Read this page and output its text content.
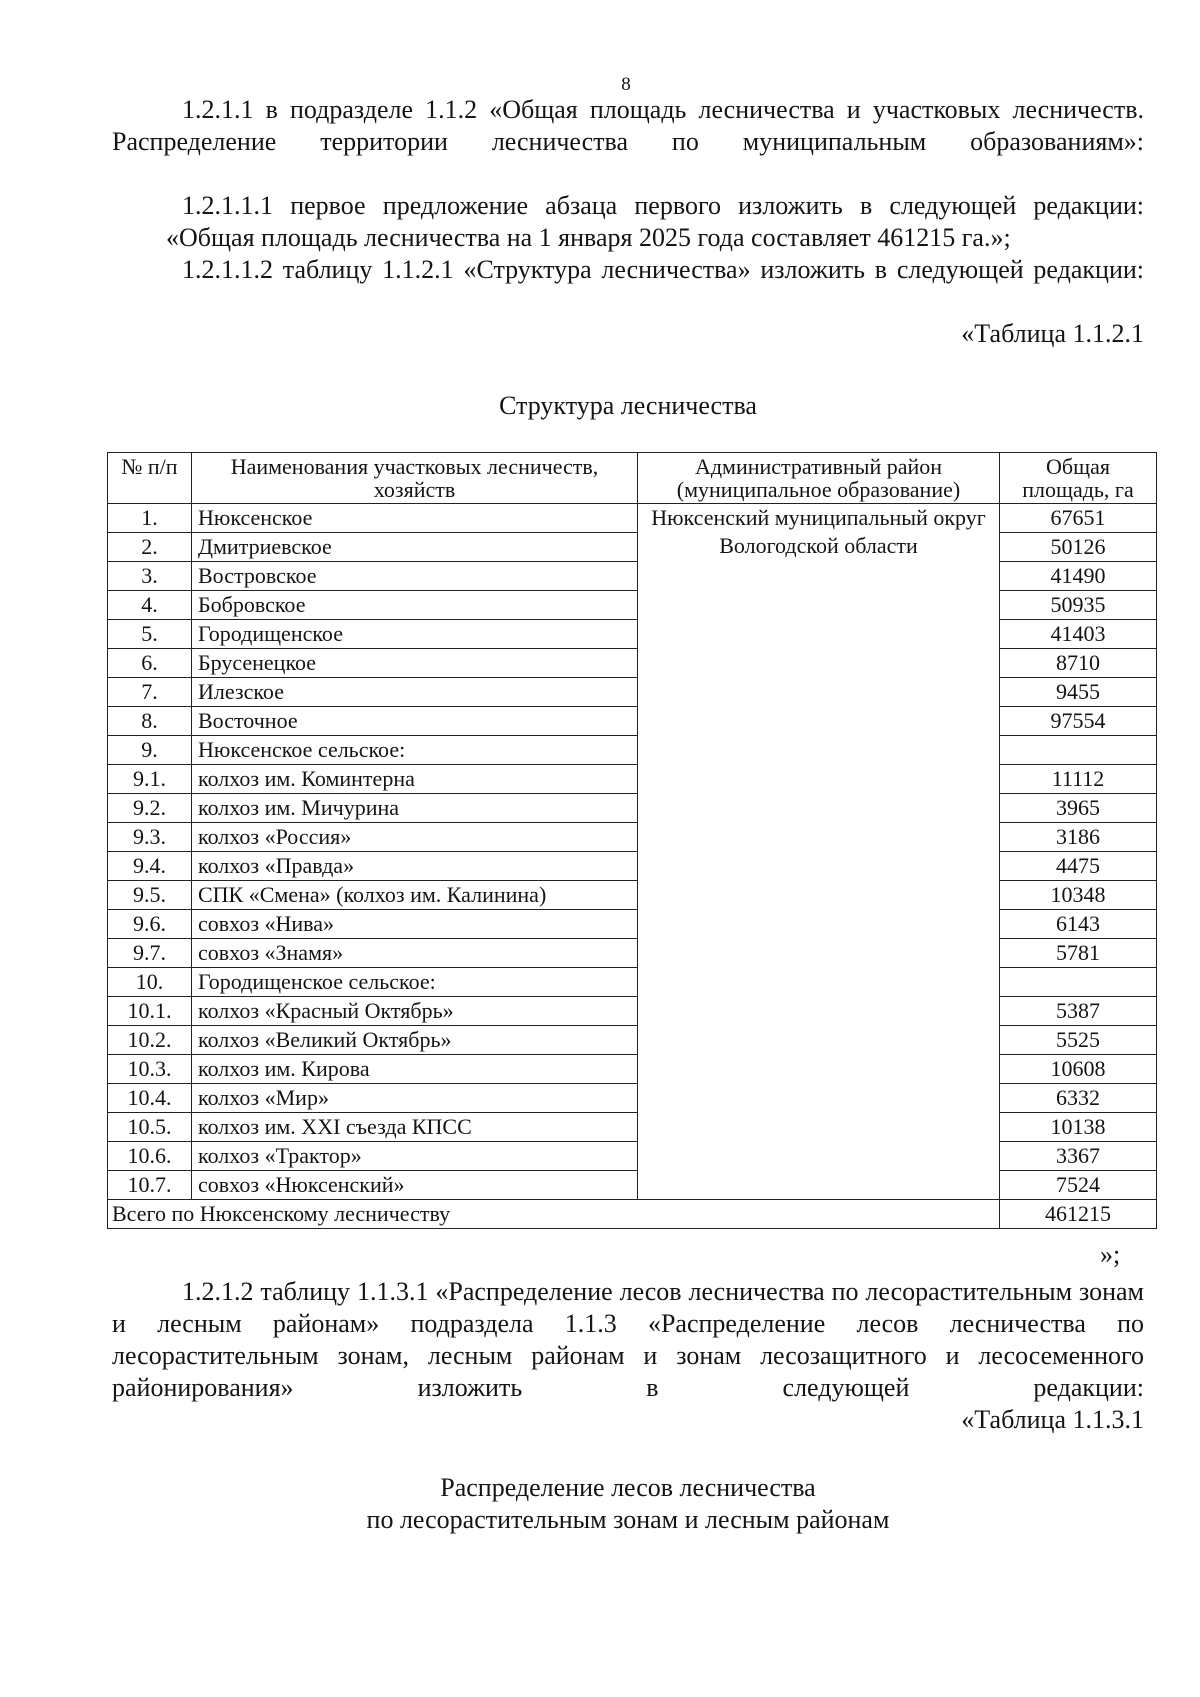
8
1.2.1.1 в подразделе 1.1.2 «Общая площадь лесничества и участковых лесничеств. Распределение территории лесничества по муниципальным образованиям»:
1.2.1.1.1 первое предложение абзаца первого изложить в следующей редакции:
«Общая площадь лесничества на 1 января 2025 года составляет 461215 га.»;
1.2.1.1.2 таблицу 1.1.2.1 «Структура лесничества» изложить в следующей редакции:
«Таблица 1.1.2.1
Структура лесничества
№ п/п	Наименования участковых лесничеств, хозяйств	Административный район (муниципальное образование)	Общая площадь, га
1.	Нюксенское	Нюксенский муниципальный округ Вологодской области	67651
2.	Дмитриевское		50126
3.	Востровское		41490
4.	Бобровское		50935
5.	Городищенское		41403
6.	Брусенецкое		8710
7.	Илезское		9455
8.	Восточное		97554
9.	Нюксенское сельское:		
9.1.	колхоз им. Коминтерна		11112
9.2.	колхоз им. Мичурина		3965
9.3.	колхоз «Россия»		3186
9.4.	колхоз «Правда»		4475
9.5.	СПК «Смена» (колхоз им. Калинина)		10348
9.6.	совхоз «Нива»		6143
9.7.	совхоз «Знамя»		5781
10.	Городищенское сельское:		
10.1.	колхоз «Красный Октябрь»		5387
10.2.	колхоз «Великий Октябрь»		5525
10.3.	колхоз им. Кирова		10608
10.4.	колхоз «Мир»		6332
10.5.	колхоз им. XXI съезда КПСС		10138
10.6.	колхоз «Трактор»		3367
10.7.	совхоз «Нюксенский»		7524
Всего по Нюксенскому лесничеству			461215
»;
1.2.1.2 таблицу 1.1.3.1 «Распределение лесов лесничества по лесорастительным зонам и лесным районам» подраздела 1.1.3 «Распределение лесов лесничества по лесорастительным зонам, лесным районам и зонам лесозащитного и лесосеменного районирования» изложить в следующей редакции:
«Таблица 1.1.3.1
Распределение лесов лесничества
по лесорастительным зонам и лесным районам
